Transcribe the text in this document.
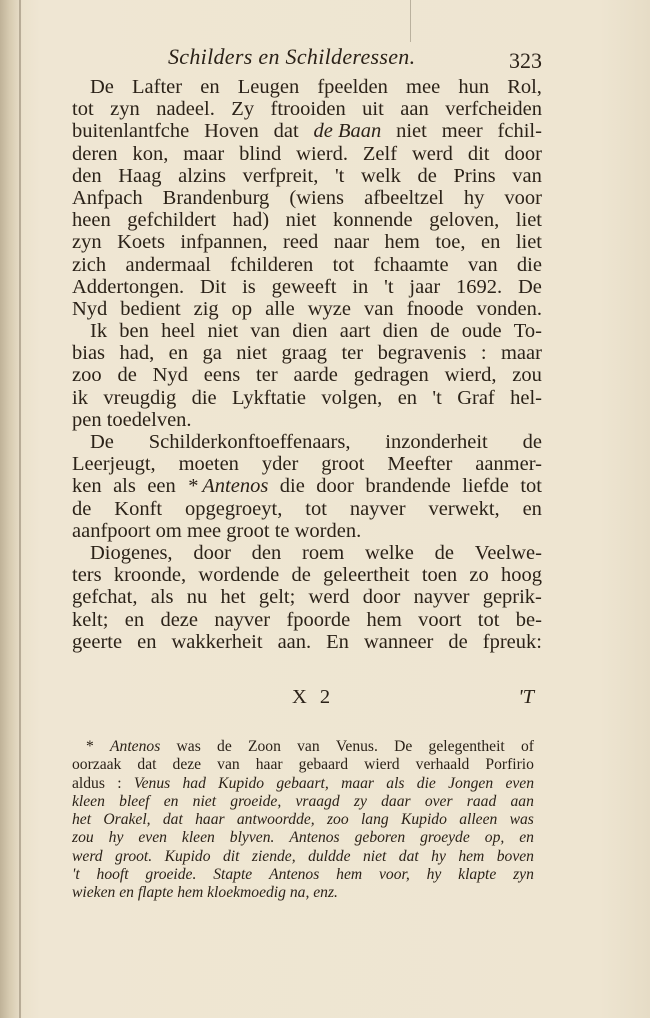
Schilders en Schilderessen.	323
De Lafter en Leugen fpeelden mee hun Rol,
tot zyn nadeel. Zy ftrooiden uit aan verfcheiden
buitenlantfche Hoven dat de Baan niet meer fchil-
deren kon, maar blind wierd. Zelf werd dit door
den Haag alzins verfpreit, 't welk de Prins van
Anfpach Brandenburg (wiens afbeeltzel hy voor
heen gefchildert had) niet konnende geloven, liet
zyn Koets infpannen, reed naar hem toe, en liet
zich andermaal fchilderen tot fchaamte van die
Addertongen. Dit is geweeft in 't jaar 1692. De
Nyd bedient zig op alle wyze van fnoode vonden.
Ik ben heel niet van dien aart dien de oude To-
bias had, en ga niet graag ter begravenis : maar
zoo de Nyd eens ter aarde gedragen wierd, zou
ik vreugdig die Lykftatie volgen, en 't Graf hel-
pen toedelven.
De Schilderkonftoeffenaars, inzonderheit de
Leerjeugt, moeten yder groot Meefter aanmer-
ken als een * Antenos die door brandende liefde tot
de Konft opgegroeyt, tot nayver verwekt, en
aanfpoort om mee groot te worden.
Diogenes, door den roem welke de Veelwe-
ters kroonde, wordende de geleertheit toen zo hoog
gefchat, als nu het gelt; werd door nayver geprik-
kelt; en deze nayver fpoorde hem voort tot be-
geerte en wakkerheit aan. En wanneer de fpreuk:
X 2	'T
* Antenos was de Zoon van Venus. De gelegentheit of
oorzaak dat deze van haar gebaard wierd verhaald Porfirio
aldus : Venus had Kupido gebaart, maar als die Jongen even
kleen bleef en niet groeide, vraagd zy daar over raad aan
het Orakel, dat haar antwoordde, zoo lang Kupido alleen was
zou hy even kleen blyven. Antenos geboren groeyde op, en
werd groot. Kupido dit ziende, duldde niet dat hy hem boven
't hooft groeide. Stapte Antenos hem voor, hy klapte zyn
wieken en flapte hem kloekmoedig na, enz.
